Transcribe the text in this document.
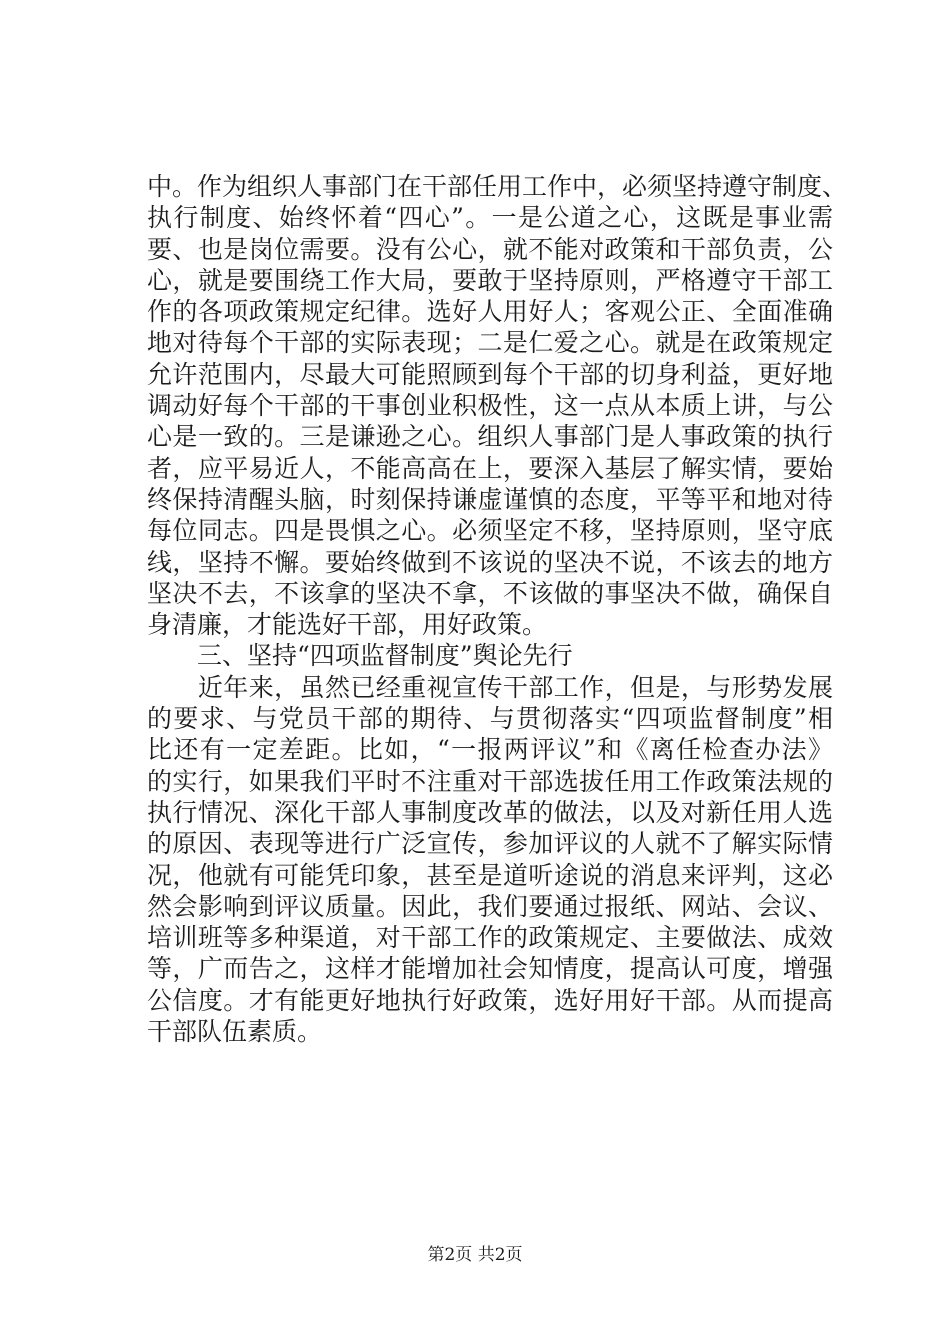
中。作为组织人事部门在干部任用工作中，必须坚持遵守制度、
执行制度、始终怀着“四心”。一是公道之心，这既是事业需
要、也是岗位需要。没有公心，就不能对政策和干部负责，公
心，就是要围绕工作大局，要敢于坚持原则，严格遵守干部工
作的各项政策规定纪律。选好人用好人；客观公正、全面准确
地对待每个干部的实际表现；二是仁爱之心。就是在政策规定
允许范围内，尽最大可能照顾到每个干部的切身利益，更好地
调动好每个干部的干事创业积极性，这一点从本质上讲，与公
心是一致的。三是谦逊之心。组织人事部门是人事政策的执行
者，应平易近人，不能高高在上，要深入基层了解实情，要始
终保持清醒头脑，时刻保持谦虚谨慎的态度，平等平和地对待
每位同志。四是畏惧之心。必须坚定不移，坚持原则，坚守底
线，坚持不懈。要始终做到不该说的坚决不说，不该去的地方
坚决不去，不该拿的坚决不拿，不该做的事坚决不做，确保自
身清廉，才能选好干部，用好政策。
　　三、坚持“四项监督制度”舆论先行
　　近年来，虽然已经重视宣传干部工作，但是，与形势发展
的要求、与党员干部的期待、与贯彻落实“四项监督制度”相
比还有一定差距。比如，“一报两评议”和《离任检查办法》
的实行，如果我们平时不注重对干部选拔任用工作政策法规的
执行情况、深化干部人事制度改革的做法，以及对新任用人选
的原因、表现等进行广泛宣传，参加评议的人就不了解实际情
况，他就有可能凭印象，甚至是道听途说的消息来评判，这必
然会影响到评议质量。因此，我们要通过报纸、网站、会议、
培训班等多种渠道，对干部工作的政策规定、主要做法、成效
等，广而告之，这样才能增加社会知情度，提高认可度，增强
公信度。才有能更好地执行好政策，选好用好干部。从而提高
干部队伍素质。
第2页 共2页
